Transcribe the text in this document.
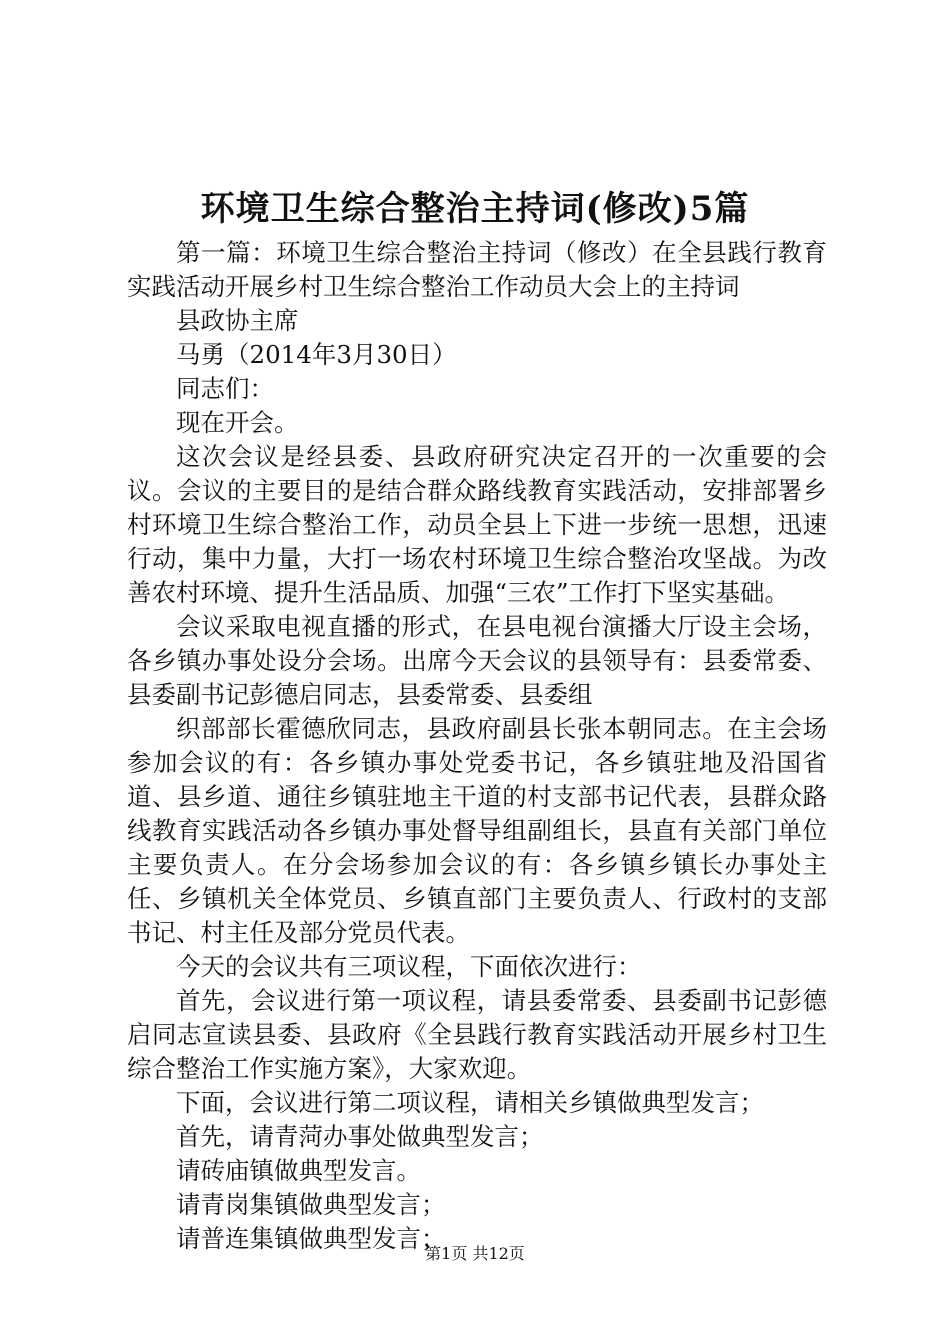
环境卫生综合整治主持词(修改)5篇

第一篇：环境卫生综合整治主持词（修改）在全县践行教育实践活动开展乡村卫生综合整治工作动员大会上的主持词

县政协主席

马勇（2014年3月30日）

同志们：

现在开会。

这次会议是经县委、县政府研究决定召开的一次重要的会议。会议的主要目的是结合群众路线教育实践活动，安排部署乡村环境卫生综合整治工作，动员全县上下进一步统一思想，迅速行动，集中力量，大打一场农村环境卫生综合整治攻坚战。为改善农村环境、提升生活品质、加强“三农”工作打下坚实基础。

会议采取电视直播的形式，在县电视台演播大厅设主会场，各乡镇办事处设分会场。出席今天会议的县领导有：县委常委、县委副书记彭德启同志，县委常委、县委组

织部部长霍德欣同志，县政府副县长张本朝同志。在主会场参加会议的有：各乡镇办事处党委书记，各乡镇驻地及沿国省道、县乡道、通往乡镇驻地主干道的村支部书记代表，县群众路线教育实践活动各乡镇办事处督导组副组长，县直有关部门单位主要负责人。在分会场参加会议的有：各乡镇乡镇长办事处主任、乡镇机关全体党员、乡镇直部门主要负责人、行政村的支部书记、村主任及部分党员代表。

今天的会议共有三项议程，下面依次进行：

首先，会议进行第一项议程，请县委常委、县委副书记彭德启同志宣读县委、县政府《全县践行教育实践活动开展乡村卫生综合整治工作实施方案》，大家欢迎。

下面，会议进行第二项议程，请相关乡镇做典型发言；

首先，请青菏办事处做典型发言；

请砖庙镇做典型发言。

请青岗集镇做典型发言；

请普连集镇做典型发言；

第1页 共12页
